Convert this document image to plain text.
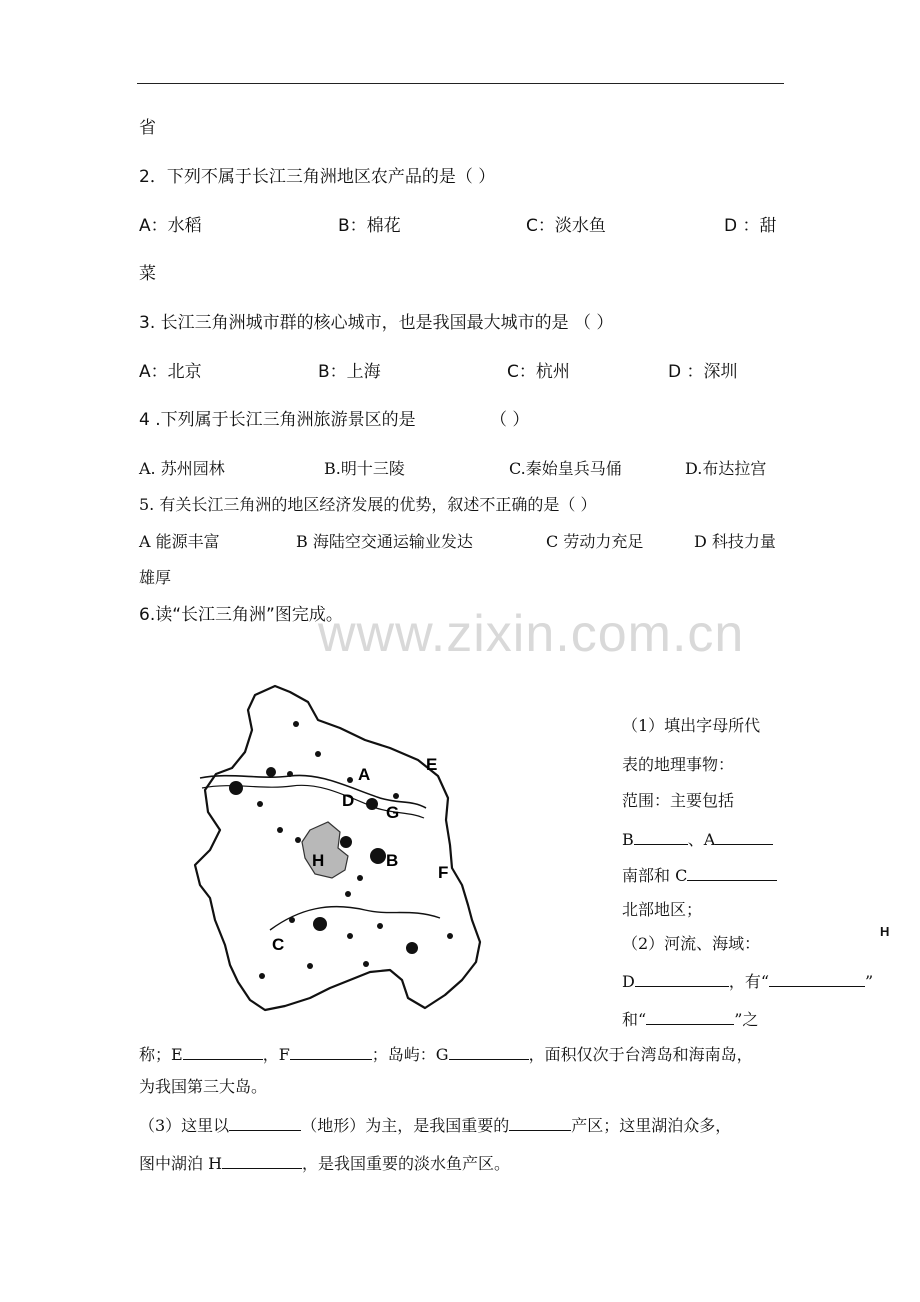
省
2．下列不属于长江三角洲地区农产品的是（ ）
A：水稻	B：棉花	C：淡水鱼	D ：甜
菜
3. 长江三角洲城市群的核心城市，也是我国最大城市的是 （ ）
A：北京	B：上海	C：杭州	D ：深圳
4 .下列属于长江三角洲旅游景区的是	（ ）
A. 苏州园林	B.明十三陵	C.秦始皇兵马俑	D.布达拉宫
5. 有关长江三角洲的地区经济发展的优势，叙述不正确的是（ ）
A 能源丰富	B 海陆空交通运输业发达	C 劳动力充足	D 科技力量
雄厚
6.读“长江三角洲”图完成。
www.zixin.com.cn
A
B
C
D
E
F
G
H
H
（1）填出字母所代
表的地理事物：
范围：主要包括
B	、A
南部和 C
北部地区；
（2）河流、海域：
D	，有“	”
和“	”之
称；E	，F	；岛屿：G	，面积仅次于台湾岛和海南岛，
为我国第三大岛。
（3）这里以	（地形）为主，是我国重要的	产区；这里湖泊众多，
图中湖泊 H	，是我国重要的淡水鱼产区。
